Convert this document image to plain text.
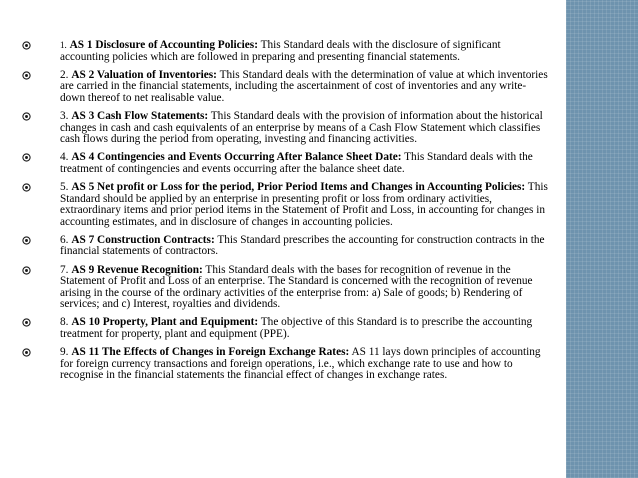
1. AS 1 Disclosure of Accounting Policies: This Standard deals with the disclosure of significant accounting policies which are followed in preparing and presenting financial statements.
2. AS 2 Valuation of Inventories: This Standard deals with the determination of value at which inventories are carried in the financial statements, including the ascertainment of cost of inventories and any write-down thereof to net realisable value.
3. AS 3 Cash Flow Statements: This Standard deals with the provision of information about the historical changes in cash and cash equivalents of an enterprise by means of a Cash Flow Statement which classifies cash flows during the period from operating, investing and financing activities.
4. AS 4 Contingencies and Events Occurring After Balance Sheet Date: This Standard deals with the treatment of contingencies and events occurring after the balance sheet date.
5. AS 5 Net profit or Loss for the period, Prior Period Items and Changes in Accounting Policies: This Standard should be applied by an enterprise in presenting profit or loss from ordinary activities, extraordinary items and prior period items in the Statement of Profit and Loss, in accounting for changes in accounting estimates, and in disclosure of changes in accounting policies.
6. AS 7 Construction Contracts: This Standard prescribes the accounting for construction contracts in the financial statements of contractors.
7. AS 9 Revenue Recognition: This Standard deals with the bases for recognition of revenue in the Statement of Profit and Loss of an enterprise. The Standard is concerned with the recognition of revenue arising in the course of the ordinary activities of the enterprise from: a) Sale of goods; b) Rendering of services; and c) Interest, royalties and dividends.
8. AS 10 Property, Plant and Equipment: The objective of this Standard is to prescribe the accounting treatment for property, plant and equipment (PPE).
9. AS 11 The Effects of Changes in Foreign Exchange Rates: AS 11 lays down principles of accounting for foreign currency transactions and foreign operations, i.e., which exchange rate to use and how to recognise in the financial statements the financial effect of changes in exchange rates.
